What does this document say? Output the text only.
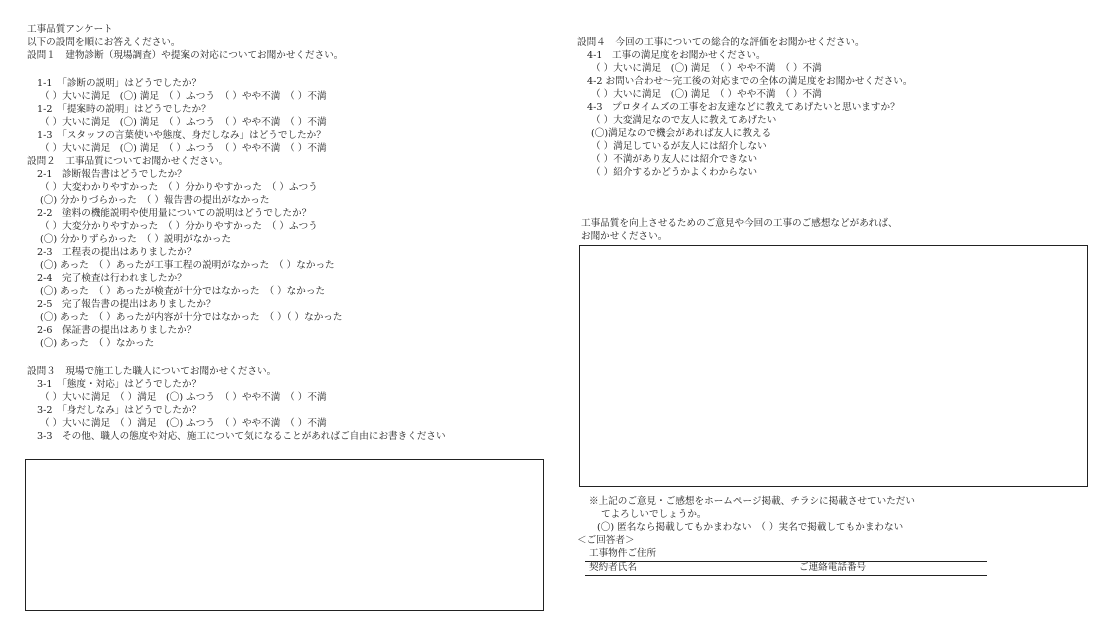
工事品質アンケート
以下の設問を順にお答えください。
設問１　建物診断（現場調査）や提案の対応についてお聞かせください。
1-1　「診断の説明」はどうでしたか？
（ ）大いに満足　(〇) 満足　（ ）ふつう　（ ）やや不満　（ ）不満
1-2　「提案時の説明」はどうでしたか？
（ ）大いに満足　(〇) 満足　（ ）ふつう　（ ）やや不満　（ ）不満
1-3　「スタッフの言葉使いや態度、身だしなみ」はどうでしたか？
（ ）大いに満足　(〇) 満足　（ ）ふつう　（ ）やや不満　（ ）不満
設問２　工事品質についてお聞かせください。
2-1　診断報告書はどうでしたか？
（ ）大変わかりやすかった　（ ）分かりやすかった　（ ）ふつう
(〇) 分かりづらかった　（ ）報告書の提出がなかった
2-2　塗料の機能説明や使用量についての説明はどうでしたか？
（ ）大変分かりやすかった　（ ）分かりやすかった　（ ）ふつう
(〇) 分かりずらかった　（ ）説明がなかった
2-3　工程表の提出はありましたか？
(〇) あった　（ ）あったが工事工程の説明がなかった　（ ）なかった
2-4　完了検査は行われましたか？
(〇) あった　（ ）あったが検査が十分ではなかった　（ ）なかった
2-5　完了報告書の提出はありましたか？
(〇) あった　（ ）あったが内容が十分ではなかった　（ ）（ ）なかった
2-6　保証書の提出はありましたか？
(〇) あった　（ ）なかった
設問３　現場で施工した職人についてお聞かせください。
3-1　「態度・対応」はどうでしたか？
（ ）大いに満足　（ ）満足　(〇) ふつう　（ ）やや不満　（ ）不満
3-2　「身だしなみ」はどうでしたか？
（ ）大いに満足　（ ）満足　(〇) ふつう　（ ）やや不満　（ ）不満
3-3　その他、職人の態度や対応、施工について気になることがあればご自由にお書きください
設問４　今回の工事についての総合的な評価をお聞かせください。
4-1　工事の満足度をお聞かせください。
（ ）大いに満足　(〇) 満足　（ ）やや不満　（ ）不満
4-2 お問い合わせ～完工後の対応までの全体の満足度をお聞かせください。
（ ）大いに満足　(〇) 満足　（ ）やや不満　（ ）不満
4-3　プロタイムズの工事をお友達などに教えてあげたいと思いますか？
（ ）大変満足なので友人に教えてあげたい
(〇)満足なので機会があれば友人に教える
（ ）満足しているが友人には紹介しない
（ ）不満があり友人には紹介できない
（ ）紹介するかどうかよくわからない
工事品質を向上させるためのご意見や今回の工事のご感想などがあれば、
お聞かせください。
※上記のご意見・ご感想をホームページ掲載、チラシに掲載させていただい
てよろしいでしょうか。
(〇) 匿名なら掲載してもかまわない　（ ）実名で掲載してもかまわない
＜ご回答者＞
工事物件ご住所
契約者氏名	ご連絡電話番号
